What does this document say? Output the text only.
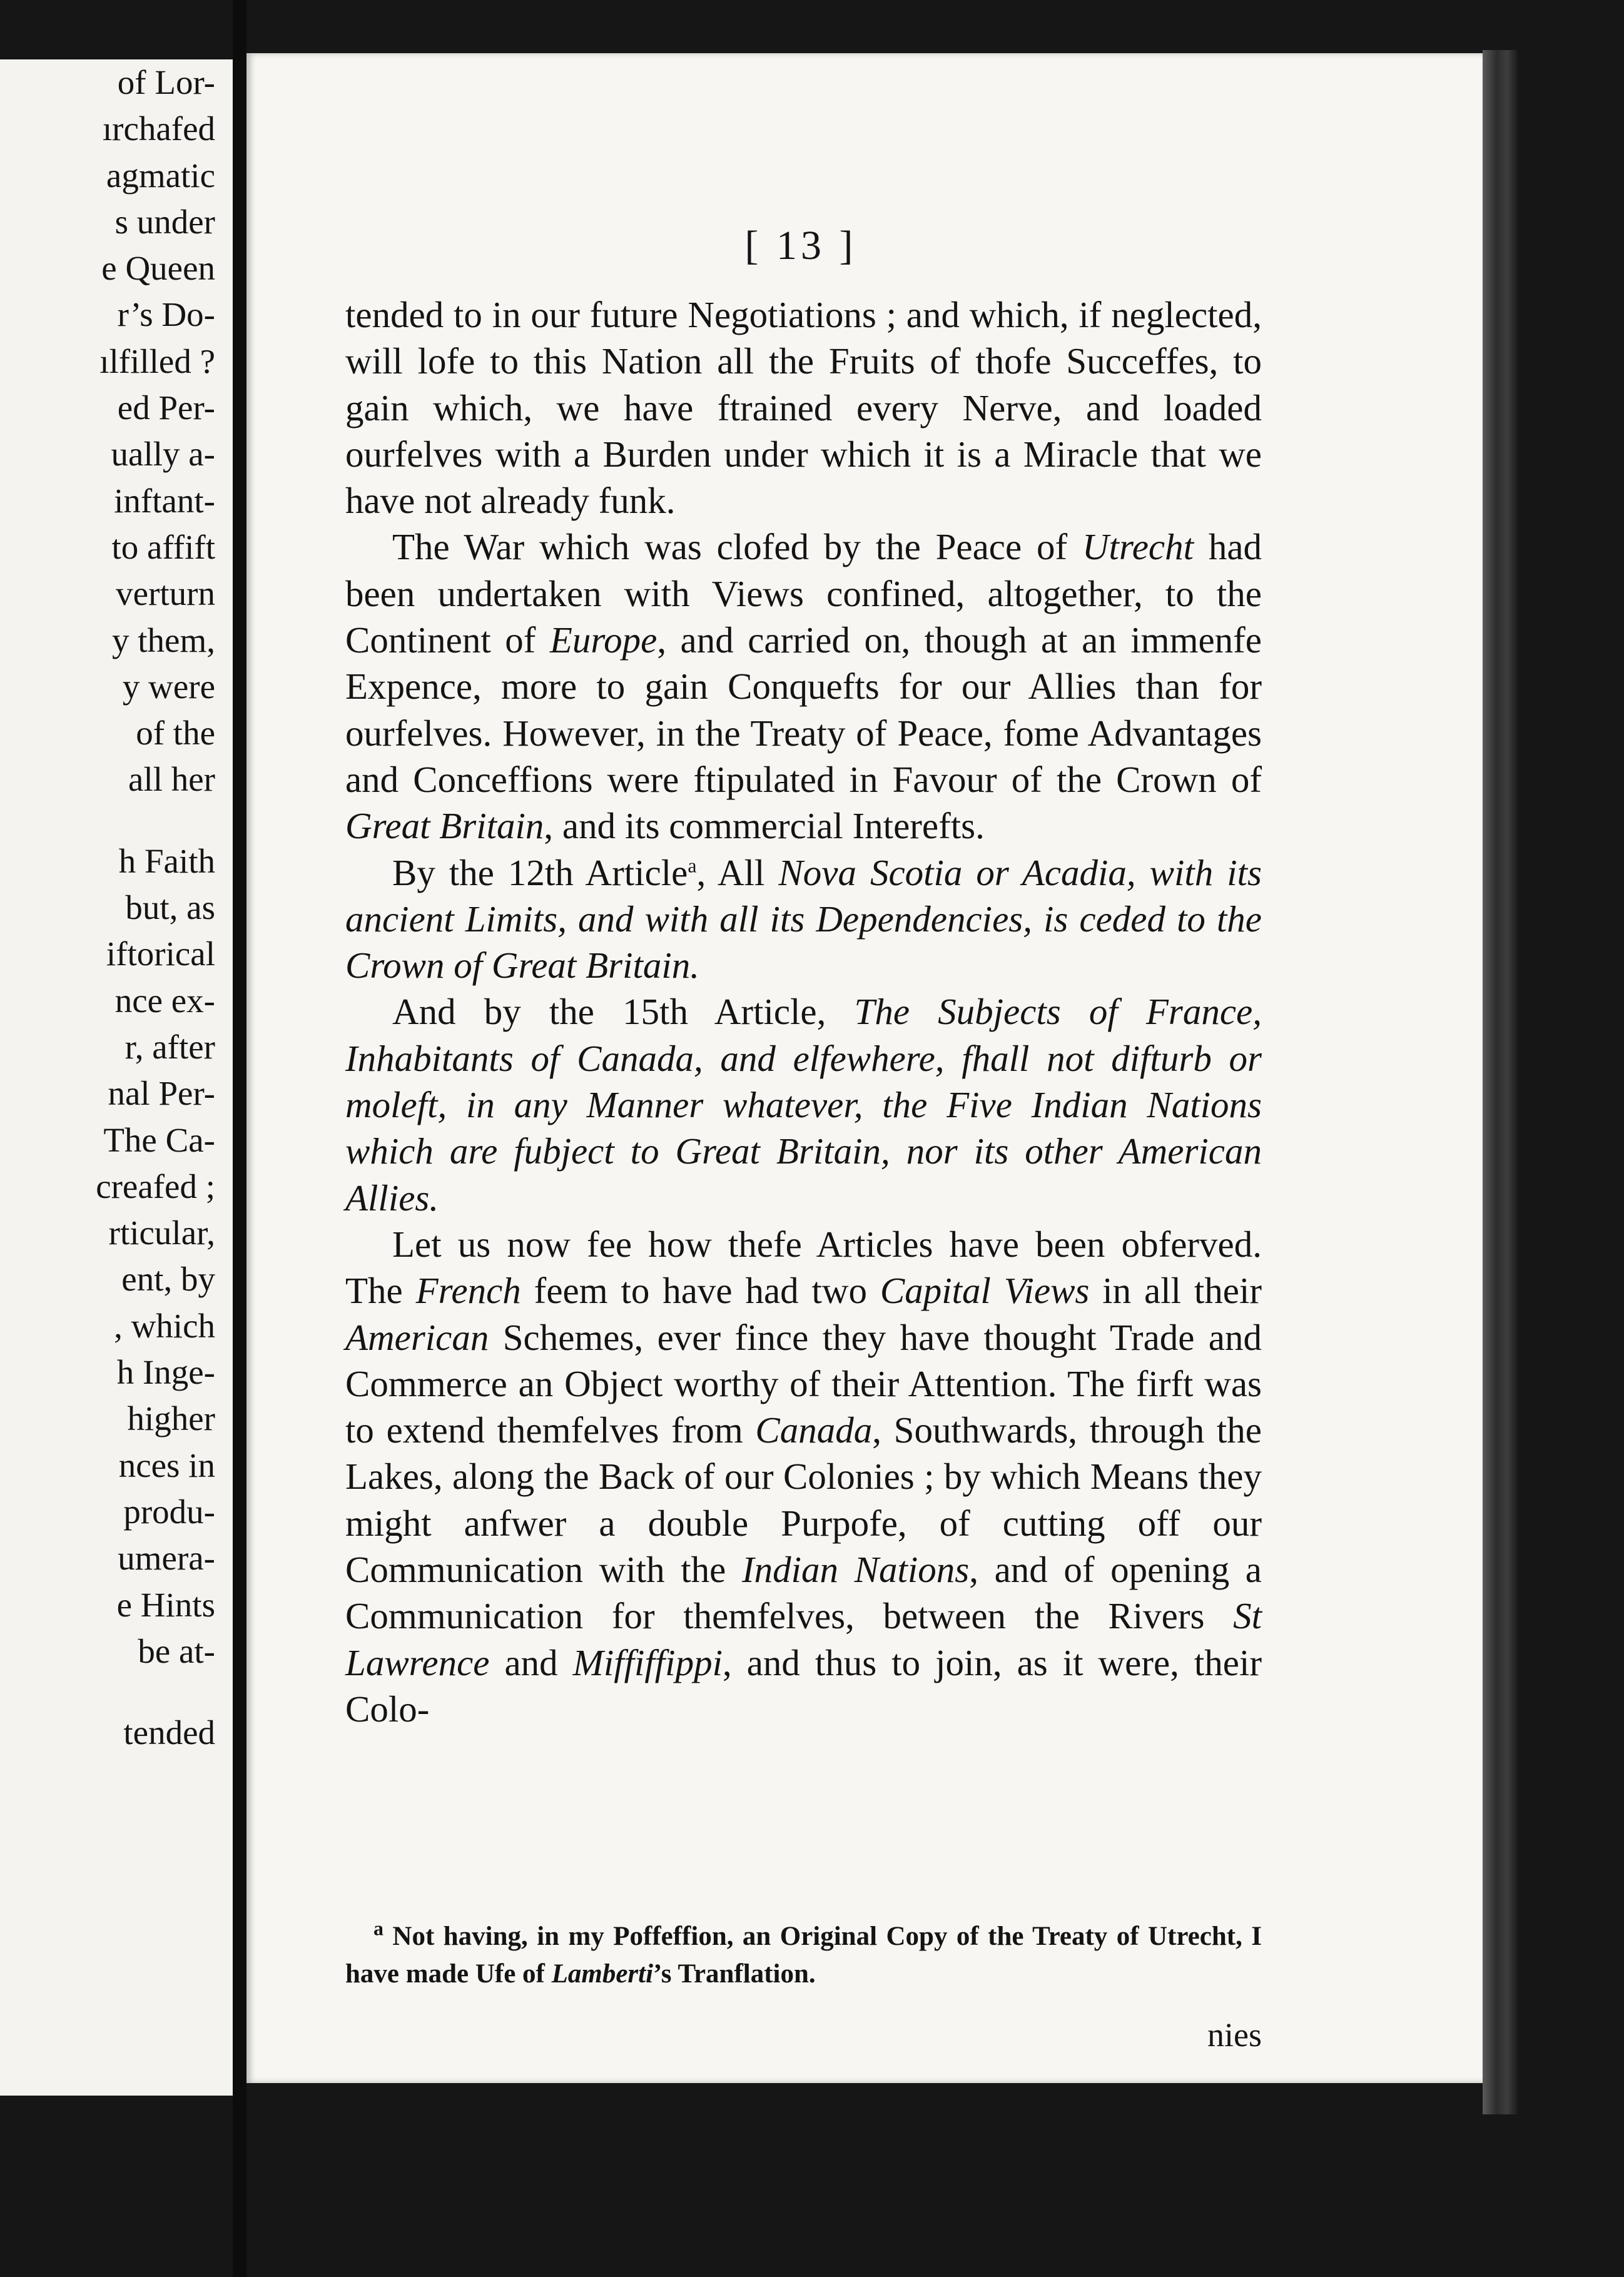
of Lor-
ırchafed
agmatic
s under
e Queen
r’s Do-
ılfilled ?
ed Per-
ually a-
inftant-
to affift
verturn
y them,
y were
of the
all her
h Faith
but, as
iftorical
nce ex-
r, after
nal Per-
The Ca-
creafed ;
rticular,
ent, by
, which
h Inge-
higher
nces in
produ-
umera-
e Hints
be at-
tended
[ 13 ]

tended to in our future Negotiations ; and which, if neglected, will lofe to this Nation all the Fruits of thofe Succeffes, to gain which, we have ftrained every Nerve, and loaded ourfelves with a Burden under which it is a Miracle that we have not already funk.

The War which was clofed by the Peace of Utrecht had been undertaken with Views confined, altogether, to the Continent of Europe, and carried on, though at an immenfe Expence, more to gain Conquefts for our Allies than for ourfelves. However, in the Treaty of Peace, fome Advantages and Conceffions were ftipulated in Favour of the Crown of Great Britain, and its commercial Interefts.

By the 12th Article$^a$, All Nova Scotia or Acadia, with its ancient Limits, and with all its Dependencies, is ceded to the Crown of Great Britain.

And by the 15th Article, The Subjects of France, Inhabitants of Canada, and elfewhere, fhall not difturb or moleft, in any Manner whatever, the Five Indian Nations which are fubject to Great Britain, nor its other American Allies.

Let us now fee how thefe Articles have been obferved. The French feem to have had two Capital Views in all their American Schemes, ever fince they have thought Trade and Commerce an Object worthy of their Attention. The firft was to extend themfelves from Canada, Southwards, through the Lakes, along the Back of our Colonies ; by which Means they might anfwer a double Purpofe, of cutting off our Communication with the Indian Nations, and of opening a Communication for themfelves, between the Rivers St Lawrence and Miffiffippi, and thus to join, as it were, their Colo-

$^a$ Not having, in my Poffeffion, an Original Copy of the Treaty of Utrecht, I have made Ufe of Lamberti’s Tranflation.

nies
